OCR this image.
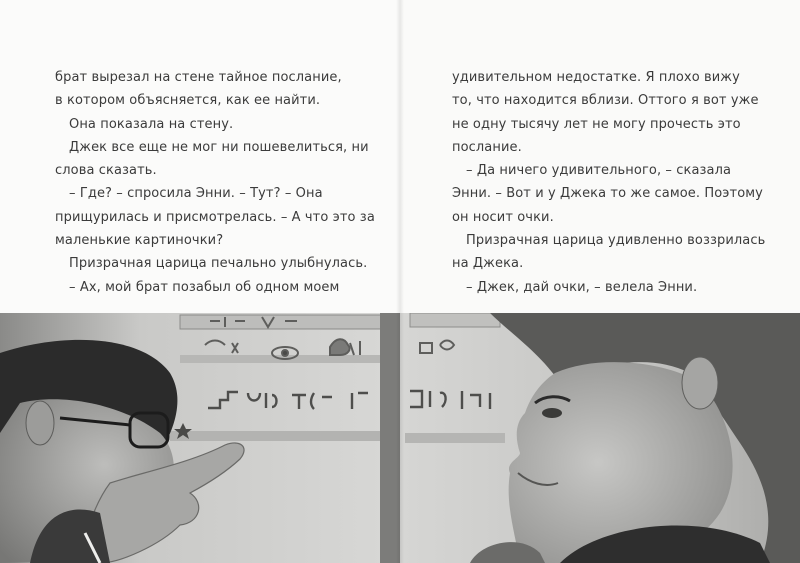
брат вырезал на стене тайное послание,
в котором объясняется, как ее найти.
Она показала на стену.
Джек все еще не мог ни пошевелиться, ни
слова сказать.
– Где? – спросила Энни. – Тут? – Она
прищурилась и присмотрелась. – А что это за
маленькие картиночки?
Призрачная царица печально улыбнулась.
– Ах, мой брат позабыл об одном моем
удивительном недостатке. Я плохо вижу
то, что находится вблизи. Оттого я вот уже
не одну тысячу лет не могу прочесть это
послание.
– Да ничего удивительного, – сказала
Энни. – Вот и у Джека то же самое. Поэтому
он носит очки.
Призрачная царица удивленно воззрилась
на Джека.
– Джек, дай очки, – велела Энни.
